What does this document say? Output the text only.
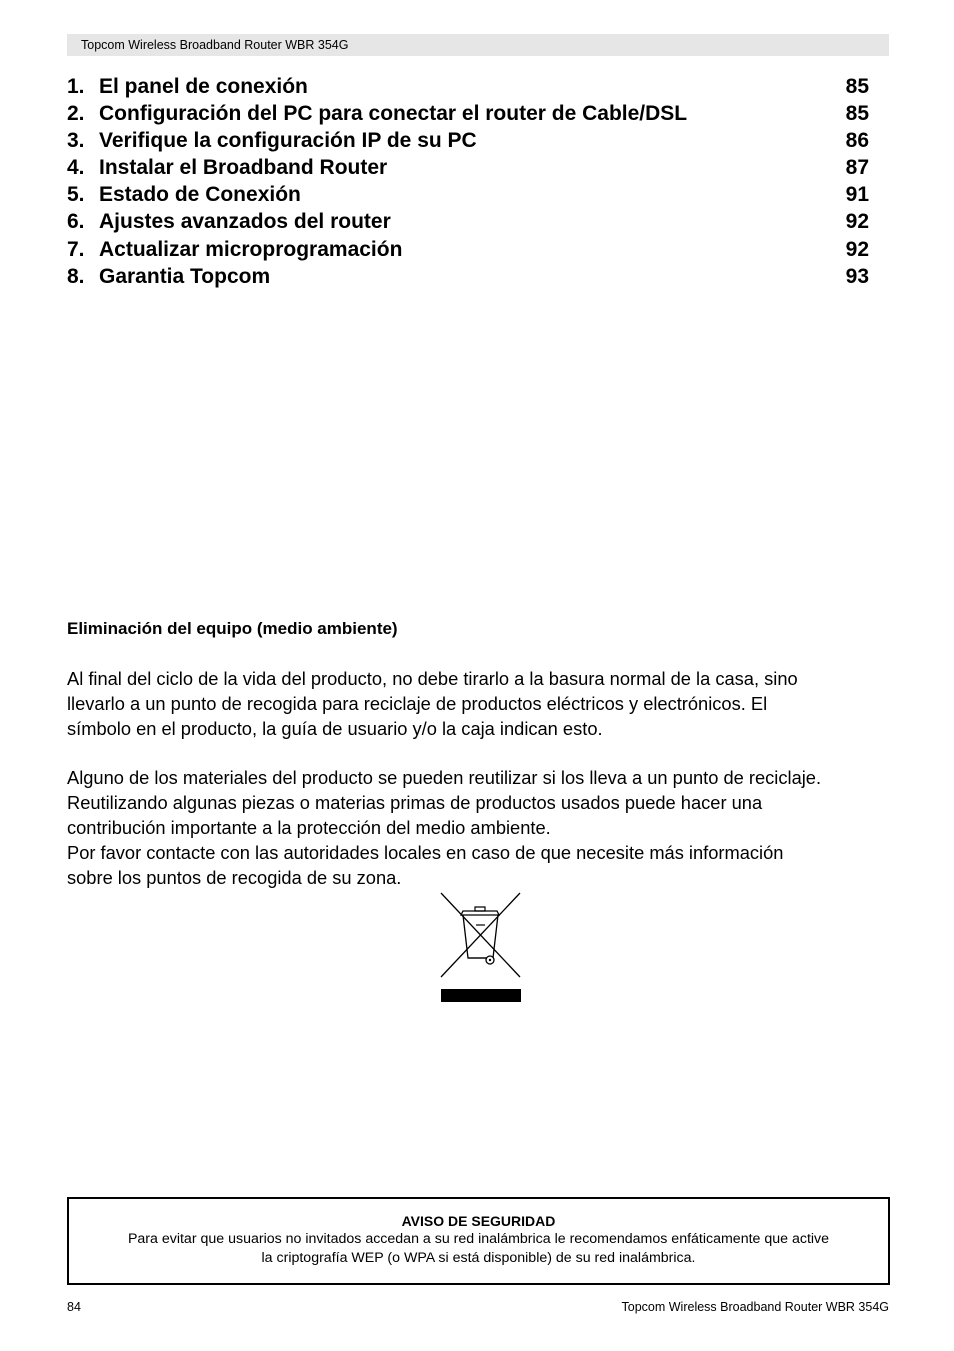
Topcom Wireless Broadband Router WBR 354G
1. El panel de conexión	85
2. Configuración del PC para conectar el router de Cable/DSL	85
3. Verifique la configuración IP de su PC	86
4. Instalar el Broadband Router	87
5. Estado de Conexión	91
6. Ajustes avanzados del router	92
7. Actualizar microprogramación	92
8. Garantia Topcom	93
Eliminación del equipo (medio ambiente)
Al final del ciclo de la vida del producto, no debe tirarlo a la basura normal de la casa, sino
llevarlo a un punto de recogida para reciclaje de productos eléctricos y electrónicos. El
símbolo en el producto, la guía de usuario y/o la caja indican esto.
Alguno de los materiales del producto se pueden reutilizar si los lleva a un punto de reciclaje.
Reutilizando algunas piezas o materias primas de productos usados puede hacer una
contribución importante a la protección del medio ambiente.
Por favor contacte con las autoridades locales en caso de que necesite más información
sobre los puntos de recogida de su zona.
AVISO DE SEGURIDAD
Para evitar que usuarios no invitados accedan a su red inalámbrica le recomendamos enfáticamente que active
la criptografía WEP (o WPA si está disponible) de su red inalámbrica.
84	Topcom Wireless Broadband Router WBR 354G
